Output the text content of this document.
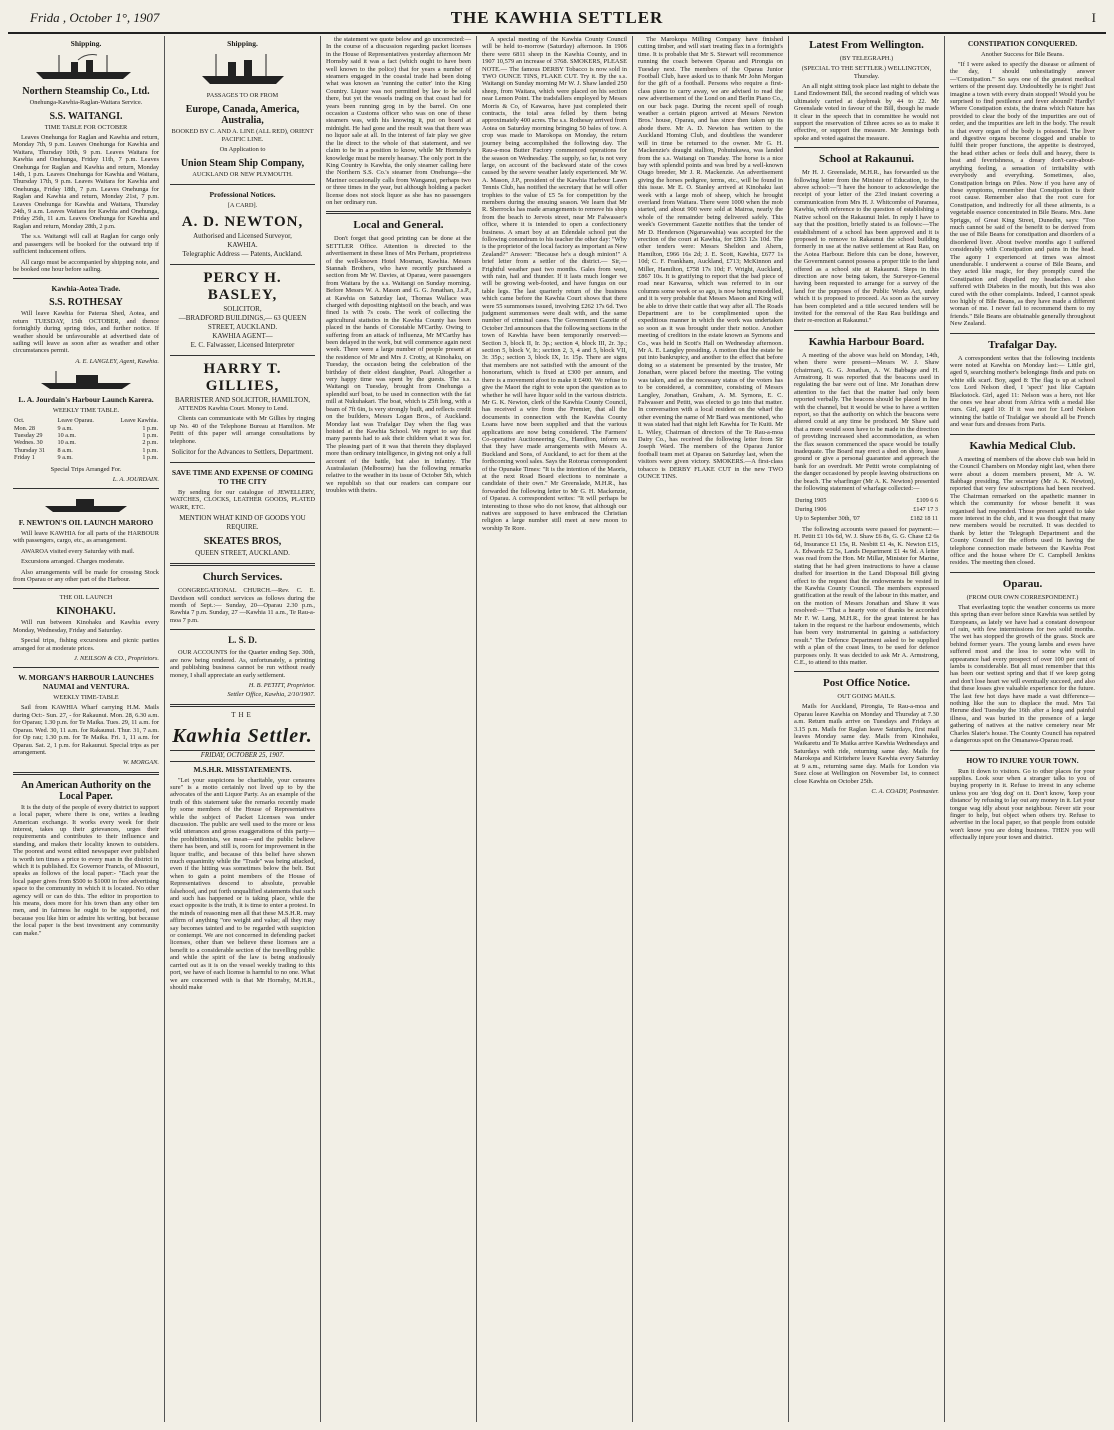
Frida , October 1°, 1907	THE KAWHIA SETTLER	I
Shipping.
Northern Steamship Co., Ltd.
Onehunga-Kawhia-Raglan-Waitara Service.
S.S. WAITANGI.
TIME TABLE FOR OCTOBER

Leaves Onehunga for Raglan and Kawhia and return, Monday 7th, 9 p.m. Leaves Onehunga for Kawhia and Waitara, Thursday 10th, 9 p.m. Leaves Waitara for Kawhia and Onehunga, Friday 11th, 7 p.m. Leaves Onehunga for Raglan and Kawhia and return, Monday 14th, 1 p.m. Leaves Onehunga for Kawhia and Waitara, Thursday 17th, 9 p.m. Leaves Waitara for Kawhia and Onehunga, Friday 18th, 7 p.m. Leaves Onehunga for Raglan and Kawhia and return, Monday 21st, 7 p.m. Leaves Onehunga for Kawhia and Waitara, Thursday 24th, 9 a.m. Leaves Waitara for Kawhia and Onehunga, Friday 25th, 11 a.m. Leaves Onehunga for Kawhia and Raglan and return, Monday 28th, 2 p.m.

The s.s. Waitangi will call at Raglan for cargo only and passengers will be booked for the outward trip if sufficient inducement offers.

All cargo must be accompanied by shipping note, and be booked one hour before sailing.

Kawhia-Aotea Trade.
S.S. ROTHESAY

Will leave Kawhia for Paterua Shed, Aotea, and return TUESDAY, 15th OCTOBER, and thence fortnightly during spring tides, and further notice. If weather should be unfavourable at advertised date of sailing will leave as soon after as weather and other circumstances permit.

A. E. LANGLEY, Agent, Kawhia.
L. A. Jourdain's Harbour Launch Karera.
WEEKLY TIME TABLE.
Oct.	Leave Oparau.	Leave Kawhia.
Mon. 28	9 a.m.	1 p.m.
Tuesday 29	10 a.m.	1 p.m.
Wednes. 30	10 a.m.	2 p.m.
Thursday 31	8 a.m.	1 p.m.
Friday 1	9 a.m.	1 p.m.
Special Trips Arranged For.
L. A. JOURDAIN.
F. NEWTON'S OIL LAUNCH MARORO

Will leave KAWHIA for all parts of the HARBOUR with passengers, cargo, etc., as arrangement.

AWAROA visited every Saturday with mail.

Excursions arranged. Charges moderate.

Also arrangements will be made for crossing Stock from Oparau or any other part of the Harbour.

THE OIL LAUNCH
KINOHAKU.

Will run between Kinohaku and Kawhia every Monday, Wednesday, Friday and Saturday.

Special trips, fishing excursions and picnic parties arranged for at moderate prices.

J. NEILSON & CO., Proprietors.
W. MORGAN'S HARBOUR LAUNCHES NAUMAI and VENTURA.
WEEKLY TIME-TABLE

Sail from KAWHIA Wharf carrying H.M. Mails during Oct:- Sun. 27, - for Rakaunui. Mon. 28, 6.30 a.m. for Oparau; 1.30 p.m. for Te Maika. Tues. 29, 11 a.m. for Oparau. Wed. 30, 11 a.m. for Rakaunui. Thur. 31, 7 a.m. for Op rau; 1.30 p.m. for Te Maika. Fri. 1, 11 a.m. for Oparau. Sat. 2, 1 p.m. for Rakaunui. Special trips as per arrangement.

W. MORGAN.
An American Authority on the Local Paper.

It is the duty of the people of every district to support a local paper, where there is one, writes a leading American exchange. It works every week for their interest, takes up their grievances, urges their requirements and contributes to their influence and standing, and makes their locality known to outsiders. The poorest and worst edited newspaper ever published is worth ten times a price to every man in the district in which it is published. Ex Governor Francis, of Missouri, speaks as follows of the local paper:- "Each year the local paper gives from $500 to $1000 in free advertising space to the community in which it is located. No other agency will or can do this. The editor in proportion to his means, does more for his town than any other ten men, and in fairness he ought to be supported, not because you like him or admire his writing, but because the local paper is the best investment any community can make."

Shipping.
PASSAGES TO OR FROM
Europe, Canada, America, Australia,
BOOKED BY C. AND A. LINE (ALL RED), ORIENT PACIFIC LINE.
On Application to
Union Steam Ship Company,
AUCKLAND OR NEW PLYMOUTH.
Professional Notices.
[A CARD].
A. D. NEWTON,
Authorised and Licensed Surveyor,
KAWHIA.
Telegraphic Address — Patents, Auckland.
PERCY H. BASLEY,
SOLICITOR,
—BRADFORD BUILDINGS,— 63 QUEEN STREET, AUCKLAND.
KAWHIA AGENT—
E. C. Falwasser, Licensed Interpreter
HARRY T. GILLIES,
BARRISTER AND SOLICITOR, HAMILTON,

ATTENDS Kawhia Court. Money to Lend.

Clients can communicate with Mr Gillies by ringing up No. 40 of the Telephone Bureau at Hamilton. Mr Petitt of this paper will arrange consultations by telephone.

Solicitor for the Advances to Settlers, Department.
SAVE TIME AND EXPENSE OF COMING TO THE CITY

By sending for our catalogue of JEWELLERY, WATCHES, CLOCKS, LEATHER GOODS, PLATED WARE, ETC.

MENTION WHAT KIND OF GOODS YOU REQUIRE.
SKEATES BROS,
QUEEN STREET, AUCKLAND.
Church Services.

CONGREGATIONAL CHURCH.—Rev. C. E. Davidson will conduct services as follows during the month of Sept.:— Sunday, 20—Oparau 2.30 p.m., Rawhia 7 p.m. Sunday, 27 —Kawhia 11 a.m., Te Rau-a-moa 7 p.m.

L. S. D.

OUR ACCOUNTS for the Quarter ending Sep. 30th, are now being rendered. As, unfortunately, a printing and publishing business cannot be run without ready money, I shall appreciate an early settlement.

H. B. PETITT, Proprietor.
Settler Office, Kawhia, 2/10/1907.
THE
Kawhia Settler.
FRIDAY, OCTOBER 25, 1907.
M.S.H.R. MISSTATEMENTS.

"Let your suspicions be charitable, your censures sure" is a motto certainly not lived up to by the advocates of the anti Liquor Party. As an example of the truth of this statement take the remarks recently made by some members of the House of Representatives while the subject of Packet Licenses was under discussion. The public are well used to the more or less wild utterances and gross exaggerations of this party—the prohibitionists, we mean—and the public believe there has been, and still is, room for improvement in the liquor traffic, and because of this belief have shown much equanimity while the "Trade" was being attacked, even if the hitting was sometimes below the belt. But when to gain a point members of the House of Representatives descend to absolute, provable falsehood, and put forth unqualified statements that such and such has happened or is taking place, while the exact opposite is the truth, it is time to enter a protest. In the minds of reasoning men all that these M.S.H.R. may affirm of anything "ore weight and value; all they may say becomes tainted and to be regarded with suspicion or contempt. We are not concerned in defending packet licenses, other than we believe these licenses are a benefit to a considerable section of the travelling public and while the spirit of the law is being studiously carried out as it is on the vessel weekly trading to this port, we have of each license is harmful to no one. What we are concerned with is that Mr Hornsby, M.H.R., should make

the statement we quote below and go uncorrected:— In the course of a discussion regarding packet licenses in the House of Representatives yesterday afternoon Mr Hornsby said it was a fact (which ought to have been well known to the police) that for years a number of steamers engaged in the coastal trade had been doing what was known as 'running the cutter' into the King Country. Liquor was not permitted by law to be sold there, but yet the vessels trading on that coast had for years been running grog in by the barrel. On one occasion a Customs officer who was on one of these steamers was, with his knowing it, put on board at midnight. He had gone and the result was that there was no liquor sale at all. In the interest of fair play we give the lie direct to the whole of that statement, and we claim to be in a position to know, while Mr Hornsby's knowledge must be merely hearsay. The only port in the King Country is Kawhia, the only steamer calling here the Northern S.S. Co.'s steamer from Onehunga—the Mariner occasionally calls from Wanganui, perhaps two or three times in the year, but although holding a packet license does not stock liquor as she has no passengers on her ordinary run.

Local and General.

Don't forget that good printing can be done at the SETTLER Office. Attention is directed to the advertisement in these lines of Mrs Perham, proprietress of the well-known Hotel Mosman, Kawhia. Messrs Stannah Brothers, who have recently purchased a section from Mr W. Davies, at Oparau, were passengers from Waitara by the s.s. Waitangi on Sunday morning. Before Messrs W. A. Mason and G. G. Jonathan, J.s.P., at Kawhia on Saturday last, Thomas Wallace was charged with depositing nightsoil on the beach, and was fined 1s with 7s costs. The work of collecting the agricultural statistics in the Kawhia County has been placed in the hands of Constable M'Carthy. Owing to suffering from an attack of influenza, Mr M'Carthy has been delayed in the work, but will commence again next week. There were a large number of people present at the residence of Mr and Mrs J. Crotty, at Kinohaku, on Tuesday, the occasion being the celebration of the birthday of their eldest daughter, Pearl. Altogether a very happy time was spent by the guests. The s.s. Waitangi on Tuesday, brought from Onehunga a splendid surf boat, to be used in connection with the fat mill at Nukuhakari. The boat, which is 25ft long, with a beam of 7ft 6in, is very strongly built, and reflects credit on the builders, Messrs Logan Bros., of Auckland. Monday last was Trafalgar Day when the flag was hoisted at the Kawhia School. We regret to say that many parents had to ask their children what it was for. The pleasing part of it was that therein they displayed more than ordinary intelligence, in giving not only a full account of the battle, but also in infantry. The Australasian (Melbourne) has the following remarks relative to the weather in its issue of October 5th, which we republish so that our readers can compare our troubles with theirs.

A special meeting of the Kawhia County Council will be held to-morrow (Saturday) afternoon. In 1906 there were 6811 sheep in the Kawhia County, and in 1907 10,579 an increase of 3768. SMOKERS, PLEASE NOTE.— The famous DERBY Tobacco is now sold in TWO OUNCE TINS, FLAKE CUT. Try it. By the s.s. Waitangi on Sunday morning Mr W. J. Shaw landed 250 sheep, from Waitara, which were placed on his section near Lemon Point. The tradsfallers employed by Messrs Morris & Co, of Kawaroa, have just completed their contracts, the total area felled by them being approximately 400 acres. The s.s. Rothesay arrived from Aotea on Saturday morning bringing 50 bales of tow. A crop was made to Marokopa on Monday, the return journey being accomplished the following day. The Rau-a-moa Butter Factory commenced operations for the season on Wednesday. The supply, so far, is not very large, on account of the backward state of the cows caused by the severe weather lately experienced. Mr W. A. Mason, J.P., president of the Kawhia Harbour Lawn Tennis Club, has notified the secretary that he will offer trophies to the value of £5 5s for competition by the members during the ensuing season. We learn that Mr R. Sherrocks has made arrangements to remove his shop from the beach to Jervois street, near Mr Falwasser's office, where it is intended to open a confectionery business. A smart boy at an Edendale school put the following conundrum to his teacher the other day: "Why is the proprietor of the local factory as important as New Zealand?" Answer: "Because he's a dough minion!" A brief letter from a settler of the district.— Sir,— Frightful weather past two months. Gales from west, with rain, hail and thunder. If it lasts much longer we will be growing web-footed, and have fungus on our table legs. The last quarterly return of the business which came before the Kawhia Court shows that there were 55 summonses issued, involving £262 17s 6d. Two judgment summonses were dealt with, and the same number of criminal cases. The Government Gazette of October 3rd announces that the following sections in the town of Kawhia have been temporarily reserved:—Section 3, block II, Ir. 3p.; section 4, block III, 2r. 3p.; section 5, block V, Ir.; section 2, 3, 4 and 5, block VII, 3r. 35p.; section 3, block IX, 1r. 15p. There are signs that members are not satisfied with the amount of the honorarium, which is fixed at £300 per annum, and there is a movement afoot to make it £400. We refuse to give the Maori the right to vote upon the question as to whether he will have liquor sold in the various districts. Mr G. K. Newton, clerk of the Kawhia County Council, has received a wire from the Premier, that all the documents in connection with the Kawhia County Loans have now been supplied and that the various applications are now being considered. The Farmers' Co-operative Auctioneering Co., Hamilton, inform us that they have made arrangements with Messrs A. Buckland and Sons, of Auckland, to act for them at the forthcoming wool sales. Says the Rotorua correspondent of the Opunake Times: "It is the intention of the Maoris, at the next Road Board elections to nominate a candidate of their own." Mr Greenslade, M.H.R., has forwarded the following letter to Mr G. H. Mackenzie, of Oparau. A correspondent writes: "It will perhaps be interesting to those who do not know, that although our natives are supposed to have embraced the Christian religion a large number still meet at new moon to worship Te Rore.

The Marokopa Milling Company have finished cutting timber, and will start treating flax in a fortnight's time. It is probable that Mr S. Stewart will recommence running the coach between Oparau and Pirongia on Tuesday next. The members of the Oparau Junior Football Club, have asked us to thank Mr John Morgan for the gift of a football. Persons who require a first-class piano to carry away, we are advised to read the new advertisement of the Lond on and Berlin Piano Co., on our back page. During the recent spell of rough weather a certain pigeon arrived at Messrs Newton Bros.' house, Oparau, and has since then taken up its abode there. Mr A. D. Newton has written to the Auckland Homing Club, and doubtless the wanderer will in time be returned to the owner. Mr G. H. Mackenzie's draught stallion, Pohutukawa, was landed from the s.s. Waitangi on Tuesday. The horse is a nice bay with splendid points and was bred by a well-known Otago breeder, Mr J. R. Mackenzie. An advertisement giving the horses pedigree, terms, etc., will be found in this issue. Mr E. O. Stanley arrived at Kinohaku last week with a large mob of sheep, which he brought overland from Waitara. There were 1000 when the mob started, and about 900 were sold at Mairoa, nearly the whole of the remainder being delivered safely. This week's Government Gazette notifies that the tender of Mr D. Henderson (Ngaruawahia) was accepted for the erection of the court at Kawhia, for £863 12s 10d. The other tenders were: Messrs Sheldon and Ahern, Hamilton, £966 16s 2d; J. E. Scott, Kawhia, £677 1s 10d; C. F. Frankham, Auckland, £713; McKinnon and Miller, Hamilton, £758 17s 10d; F. Wright, Auckland, £867 10s. It is gratifying to report that the bad piece of road near Kawaroa, which was referred to in our columns some week or so ago, is now being remodelled, and it is very probable that Messrs Mason and King will be able to drive their cattle that way after all. The Roads Department are to be complimented upon the expeditious manner in which the work was undertaken so soon as it was brought under their notice. Another meeting of creditors in the estate known as Symons and Co., was held in Scott's Hall on Wednesday afternoon. Mr A. E. Langley presiding. A motion that the estate be put into bankruptcy, and another to the effect that before doing so a statement be presented by the trustee, Mr Jonathan, were placed before the meeting. The voting was taken, and as the necessary status of the voters has to be considered, a committee, consisting of Messrs Langley, Jonathan, Graham, A. M. Symons, E. C. Falwasser and Petitt, was elected to go into that matter. In conversation with a local resident on the wharf the other evening the name of Mr Bard was mentioned, who it was stated had that night left Kawhia for Te Kuiti. Mr L. Wiley, Chairman of directors of the Te Rau-a-moa Dairy Co., has received the following letter from Sir Joseph Ward. The members of the Oparau Junior football team met at Oparau on Saturday last, when the visitors were given victory. SMOKERS.—A first-class tobacco is DERBY FLAKE CUT in the new TWO OUNCE TINS.

Latest From Wellington.
(BY TELEGRAPH.)
(SPECIAL TO THE SETTLER.) WELLINGTON, Thursday.

An all night sitting took place last night to debate the Land Endowment Bill, the second reading of which was ultimately carried at daybreak by 44 to 22. Mr Greenslade voted in favour of the Bill, though he made it clear in the speech that in committee he would not support the reservation of £three acres so as to make it effective, or support the measure. Mr Jennings both spoke and voted against the measure.

School at Rakaunui.

Mr H. J. Greenslade, M.H.R., has forwarded us the following letter from the Minister of Education, to the above school:—"I have the honour to acknowledge the receipt of your letter of the 23rd instant covering a communication from Mrs H. J. Whitcombe of Paramea, Kawhia, with reference to the question of establishing a Native school on the Rakaunui Inlet. In reply I have to say that the position, briefly stated is as follows:—The establishment of a school has been approved and it is proposed to remove to Rakaunui the school building formerly in use at the native settlement at Rau Rau, on the Aotea Harbour. Before this can be done, however, the Government cannot possess a proper title to the land offered as a school site at Rakaunui. Steps in this direction are now being taken, the Surveyor-General having been requested to arrange for a survey of the land for the purposes of the Public Works Act, under which it is proposed to proceed. As soon as the survey has been completed and a title secured tenders will be invited for the removal of the Rau Rau buildings and their re-erection at Rakaunui."

Kawhia Harbour Board.

A meeting of the above was held on Monday, 14th, when there were present—Messrs W. J. Shaw (chairman), G. G. Jonathan, A. W. Babbage and H. Armstrong. It was reported that the beacons used in regulating the bar were out of line. Mr Jonathan drew attention to the fact that the matter had only been reported verbally. The beacons should be placed in line with the channel, but it would be wise to have a written report, so that the authority on which the beacons were altered could at any time be produced. Mr Shaw said that a more would soon have to be made in the direction of providing increased shed accommodation, as when the flax season commenced the space would be totally inadequate. The Board may erect a shed on shore, lease ground or give a personal guarantee and approach the bank for an overdraft. Mr Pettit wrote complaining of the danger occasioned by people leaving obstructions on the beach. The wharfinger (Mr A. K. Newton) presented the following statement of wharfage collected:—

During 1905	£109 6 6
During 1906	£147 17 3
Up to September 30th, '07	£182 18 11

The following accounts were passed for payment:—H. Petitt £1 10s 6d, W. J. Shaw £6 8s, G. G. Chase £2 6s 6d, Insurance £1 15s, R. Nesbitt £1 4s, K. Newton £15, A. Edwards £2 5s, Lands Department £1 4s 9d. A letter was read from the Hon. Mr Millar, Minister for Marine, stating that he had given instructions to have a clause drafted for insertion in the Land Disposal Bill giving effect to the request that the endowments be vested in the Kawhia County Council. The members expressed gratification at the result of the labour in this matter, and on the motion of Messrs Jonathan and Shaw it was resolved:— "That a hearty vote of thanks be accorded Mr F. W. Lang, M.H.R., for the great interest he has taken in the request re the harbour endowments, which has been very instrumental in gaining a satisfactory result." The Defence Department asked to be supplied with a plan of the coast lines, to be used for defence purposes only. It was decided to ask Mr A. Armstrong, C.E., to attend to this matter.

Post Office Notice.
OUT GOING MAILS.

Mails for Auckland, Pirongia, Te Rau-a-moa and Oparau leave Kawhia on Monday and Thursday at 7.30 a.m. Return mails arrive on Tuesdays and Fridays at 3.15 p.m. Mails for Raglan leave Saturdays, first mail leaves Monday same day. Mails from Kinohaku, Waikaretu and Te Maika arrive Kawhia Wednesdays and Saturdays with ride, returning same day. Mails for Marokopa and Kiritehere leave Kawhia every Saturday at 9 a.m., returning same day. Mails for London via Suez close at Wellington on November 1st, to connect close Kawhia on October 25th.

C. A. COADY, Postmaster.
CONSTIPATION CONQUERED.
Another Success for Bile Beans.

"If I were asked to specify the disease or ailment of the day, I should unhesitatingly answer—'Constipation.'" So says one of the greatest medical writers of the present day. Undoubtedly he is right! Just imagine a town with every drain stopped! Would you be surprised to find pestilence and fever abound? Hardly! Where Constipation exists, the drains which Nature has provided to clear the body of the impurities are out of order, and the impurities are left in the body. The result is that every organ of the body is poisoned. The liver and digestive organs become clogged and unable to fulfil their proper functions, the appetite is destroyed, the head either aches or feels dull and heavy, there is heat and feverishness, a dreary don't-care-about-anything feeling, a sensation of irritability with everybody and everything. Sometimes, also, Constipation brings on Piles. Now if you have any of these symptoms, remember that Constipation is their root cause. Remember also that the root cure for Constipation, and indirectly for all these ailments, is a vegetable essence concentrated in Bile Beans. Mrs. Jane Spriggs, of Great King Street, Dunedin, says: "Too much cannot be said of the benefit to be derived from the use of Bile Beans for constipation and disorders of a disordered liver. About twelve months ago I suffered considerably with Constipation and pains in the head. The agony I experienced at times was almost unendurable. I underwent a course of Bile Beans, and they acted like magic, for they promptly cured the Constipation and dispelled my headaches. I also suffered with Diabetes in the mouth, but this was also cured with the other complaints. Indeed, I cannot speak too highly of Bile Beans, as they have made a different woman of me. I never fail to recommend them to my friends." Bile Beans are obtainable generally throughout New Zealand.

Trafalgar Day.

A correspondent writes that the following incidents were noted at Kawhia on Monday last:— Little girl, aged 9, searching mother's belongings finds and puts on white silk scarf. Boy, aged 8: The flag is up at school 'cos Lord Nelson died, I 'spect' just like Captain Blackstock. Girl, aged 11: Nelson was a hero, not like the ones we hear about from Africa with a medal like ours. Girl, aged 10: If it was not for Lord Nelson winning the battle of Trafalgar we should all be French and wear furs and dresses from Paris.

Kawhia Medical Club.

A meeting of members of the above club was held in the Council Chambers on Monday night last, when there were about a dozen members present, Mr A. W. Babbage presiding. The secretary (Mr A. K. Newton), reported that very few subscriptions had been received. The Chairman remarked on the apathetic manner in which the community for whose benefit it was organised had responded. Those present agreed to take more interest in the club, and it was thought that many new members would be recruited. It was decided to thank by letter the Telegraph Department and the County Council for the efforts used in having the telephone connection made between the Kawhia Post office and the house where Dr C. Campbell Jenkins resides. The meeting then closed.

Oparau.
(FROM OUR OWN CORRESPONDENT.)

That everlasting topic the weather concerns us more this spring than ever before since Kawhia was settled by Europeans, as lately we have had a constant downpour of rain, with few intermissions for two solid months. The wet has stopped the growth of the grass. Stock are behind former years. The young lambs and ewes have suffered most and the loss to some who will in appearance had every prospect of over 100 per cent of lambs is considerable. But all must remember that this has been our wettest spring and that if we keep going and don't lose heart we will eventually succeed, and also that these losses give valuable experience for the future. The last few hot days have made a vast difference—nothing like the sun to displace the mud. Mrs Tai Herune died Tuesday the 16th after a long and painful illness, and was buried in the presence of a large gathering of natives at the native cemetery near Mr Charles Slater's house. The County Council has repaired a dangerous spot on the Omanawa-Oparau road.

HOW TO INJURE YOUR TOWN.

Run it down to visitors. Go to other places for your supplies. Look sour when a stranger talks to you of buying property in it. Refuse to invest in any scheme unless you are 'dog dog' on it. Don't know, 'keep your distance' by refusing to lay out any money in it. Let your tongue wag idly about your neighbour. Never stir your finger to help, but object when others try. Refuse to advertise in the local paper, so that people from outside won't know you are doing business. THEN you will effectually injure your town and district.
